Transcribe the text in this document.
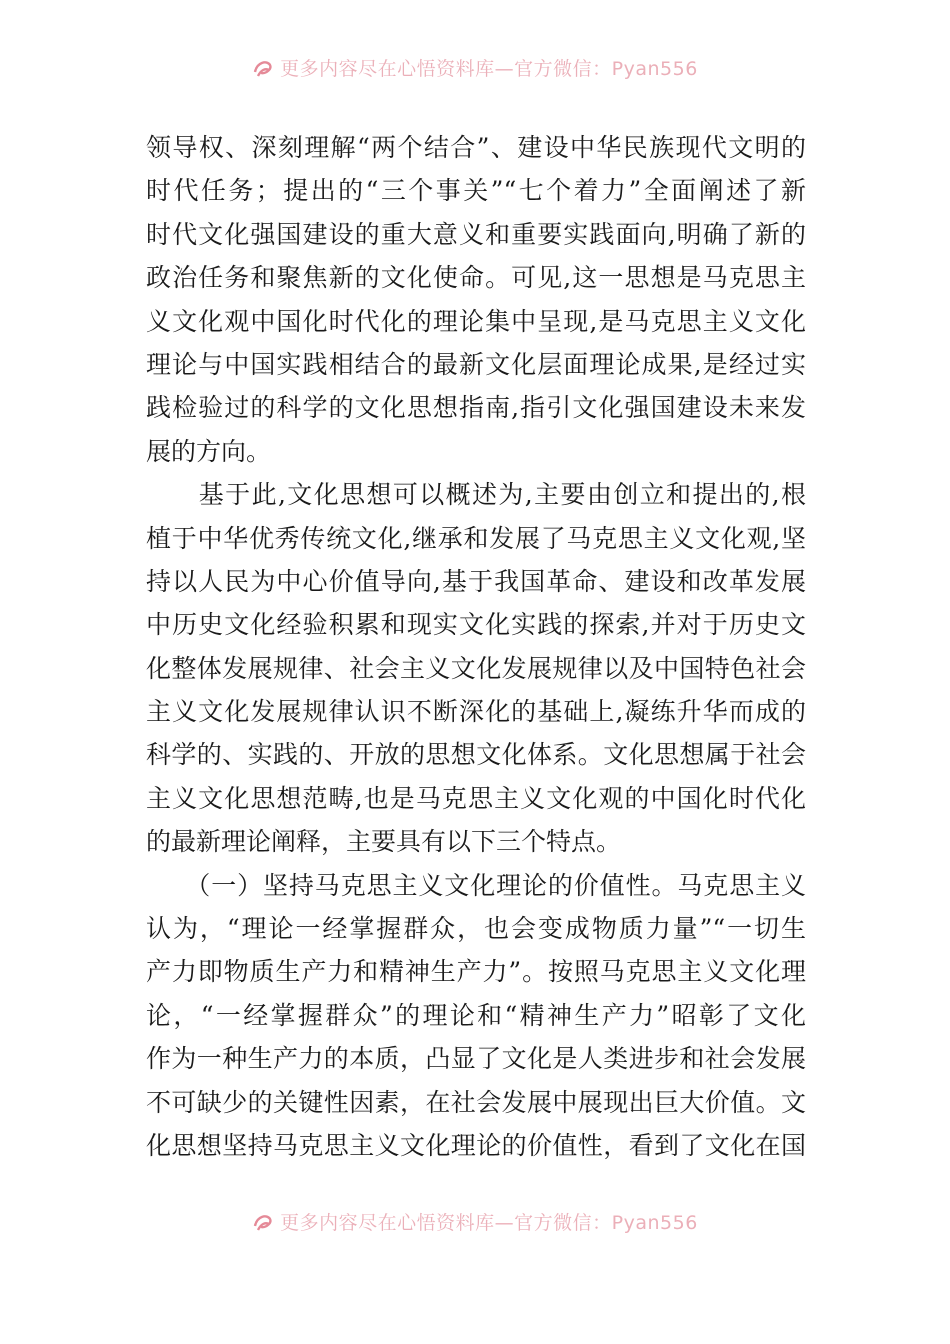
更多内容尽在心悟资料库—官方微信：Pyan556
领导权、深刻理解“两个结合”、建设中华民族现代文明的
时代任务；提出的“三个事关”“七个着力”全面阐述了新
时代文化强国建设的重大意义和重要实践面向,明确了新的
政治任务和聚焦新的文化使命。可见,这一思想是马克思主
义文化观中国化时代化的理论集中呈现,是马克思主义文化
理论与中国实践相结合的最新文化层面理论成果,是经过实
践检验过的科学的文化思想指南,指引文化强国建设未来发
展的方向。
　　基于此,文化思想可以概述为,主要由创立和提出的,根
植于中华优秀传统文化,继承和发展了马克思主义文化观,坚
持以人民为中心价值导向,基于我国革命、建设和改革发展
中历史文化经验积累和现实文化实践的探索,并对于历史文
化整体发展规律、社会主义文化发展规律以及中国特色社会
主义文化发展规律认识不断深化的基础上,凝练升华而成的
科学的、实践的、开放的思想文化体系。文化思想属于社会
主义文化思想范畴,也是马克思主义文化观的中国化时代化
的最新理论阐释，主要具有以下三个特点。
　　（一）坚持马克思主义文化理论的价值性。马克思主义
认为，“理论一经掌握群众，也会变成物质力量”“一切生
产力即物质生产力和精神生产力”。按照马克思主义文化理
论，“一经掌握群众”的理论和“精神生产力”昭彰了文化
作为一种生产力的本质，凸显了文化是人类进步和社会发展
不可缺少的关键性因素，在社会发展中展现出巨大价值。文
化思想坚持马克思主义文化理论的价值性，看到了文化在国
更多内容尽在心悟资料库—官方微信：Pyan556
